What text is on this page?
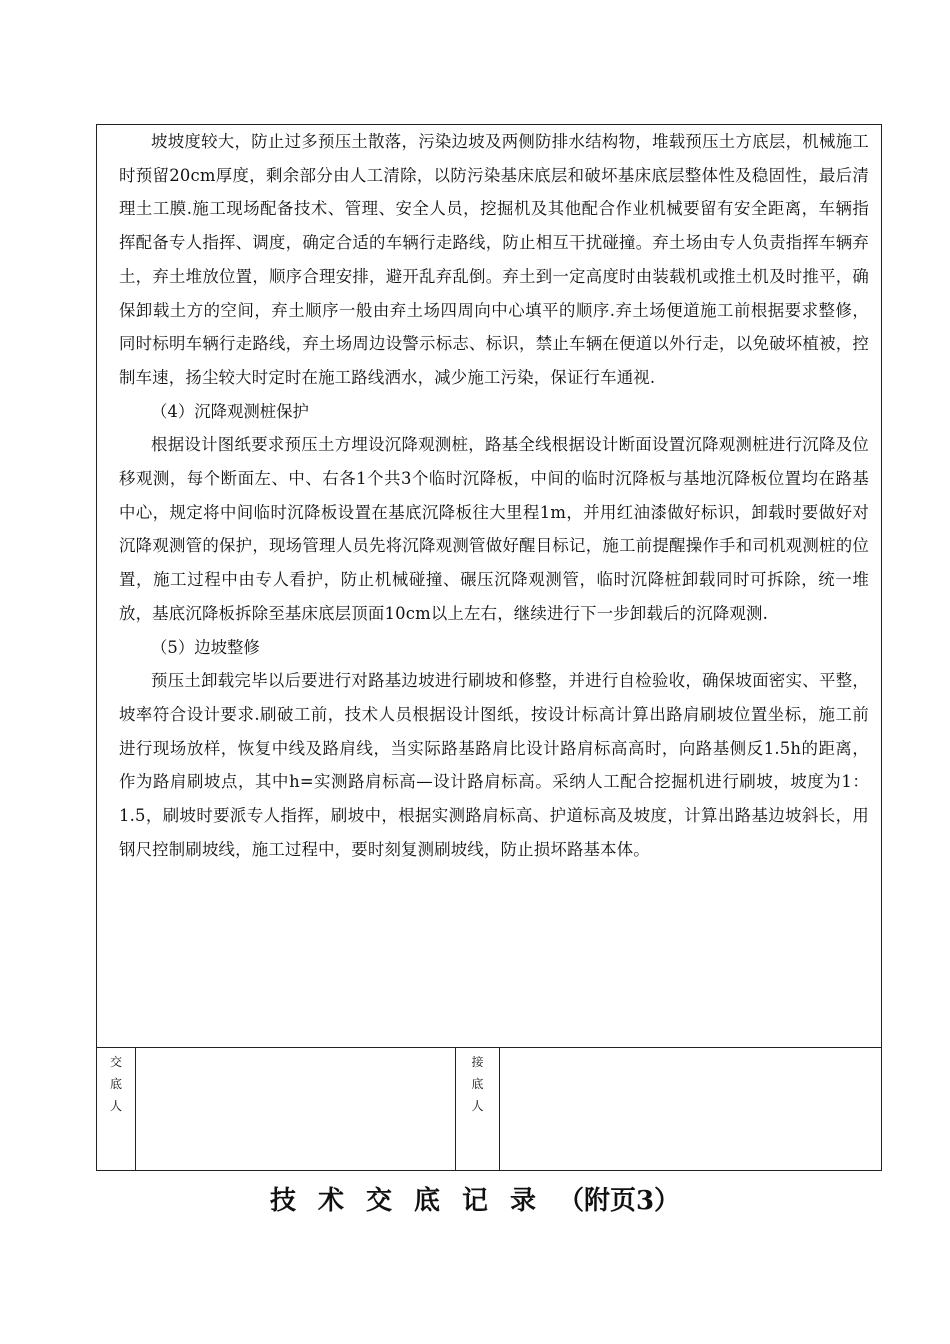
坡坡度较大，防止过多预压土散落，污染边坡及两侧防排水结构物，堆载预压土方底层，机械施工时预留20cm厚度，剩余部分由人工清除，以防污染基床底层和破坏基床底层整体性及稳固性，最后清理土工膜.施工现场配备技术、管理、安全人员，挖掘机及其他配合作业机械要留有安全距离，车辆指挥配备专人指挥、调度，确定合适的车辆行走路线，防止相互干扰碰撞。弃土场由专人负责指挥车辆弃土，弃土堆放位置，顺序合理安排，避开乱弃乱倒。弃土到一定高度时由装载机或推土机及时推平，确保卸载土方的空间，弃土顺序一般由弃土场四周向中心填平的顺序.弃土场便道施工前根据要求整修，同时标明车辆行走路线，弃土场周边设警示标志、标识，禁止车辆在便道以外行走，以免破坏植被，控制车速，扬尘较大时定时在施工路线洒水，减少施工污染，保证行车通视.

（4）沉降观测桩保护

根据设计图纸要求预压土方埋设沉降观测桩，路基全线根据设计断面设置沉降观测桩进行沉降及位移观测，每个断面左、中、右各1个共3个临时沉降板，中间的临时沉降板与基地沉降板位置均在路基中心，规定将中间临时沉降板设置在基底沉降板往大里程1m，并用红油漆做好标识，卸载时要做好对沉降观测管的保护，现场管理人员先将沉降观测管做好醒目标记，施工前提醒操作手和司机观测桩的位置，施工过程中由专人看护，防止机械碰撞、碾压沉降观测管，临时沉降桩卸载同时可拆除，统一堆放，基底沉降板拆除至基床底层顶面10cm以上左右，继续进行下一步卸载后的沉降观测.

（5）边坡整修

预压土卸载完毕以后要进行对路基边坡进行刷坡和修整，并进行自检验收，确保坡面密实、平整，坡率符合设计要求.刷破工前，技术人员根据设计图纸，按设计标高计算出路肩刷坡位置坐标，施工前进行现场放样，恢复中线及路肩线，当实际路基路肩比设计路肩标高高时，向路基侧反1.5h的距离，作为路肩刷坡点，其中h=实测路肩标高—设计路肩标高。采纳人工配合挖掘机进行刷坡，坡度为1：1.5，刷坡时要派专人指挥，刷坡中，根据实测路肩标高、护道标高及坡度，计算出路基边坡斜长，用钢尺控制刷坡线，施工过程中，要时刻复测刷坡线，防止损坏路基本体。

交
底
人
接
底
人
技术交底记录（附页3）
